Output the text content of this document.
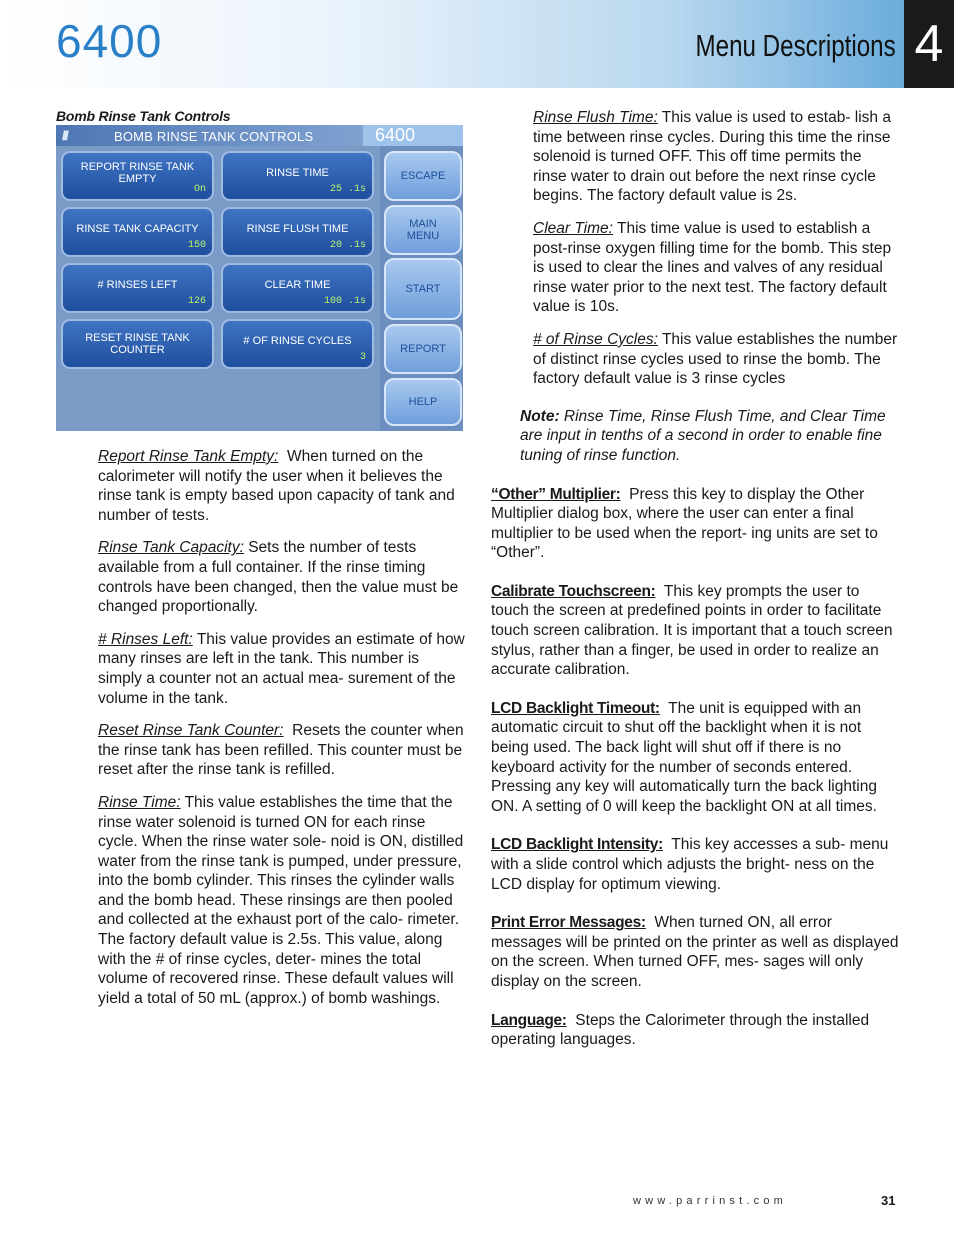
6400	Menu Descriptions 4
Bomb Rinse Tank Controls
///	BOMB RINSE TANK CONTROLS	6400
REPORT RINSE TANK
EMPTY
On
RINSE TIME
25 .1s
RINSE TANK CAPACITY
150
RINSE FLUSH TIME
20 .1s
# RINSES LEFT
126
CLEAR TIME
100 .1s
RESET RINSE TANK
COUNTER
# OF RINSE CYCLES
3
ESCAPE
MAIN
MENU
START
REPORT
HELP

Report Rinse Tank Empty: When turned on the calorimeter will notify the user when it believes the rinse tank is empty based upon capacity of tank and number of tests.

Rinse Tank Capacity: Sets the number of tests available from a full container. If the rinse timing controls have been changed, then the value must be changed proportionally.

# Rinses Left: This value provides an estimate of how many rinses are left in the tank. This number is simply a counter not an actual mea- surement of the volume in the tank.

Reset Rinse Tank Counter: Resets the counter when the rinse tank has been refilled. This counter must be reset after the rinse tank is refilled.

Rinse Time: This value establishes the time that the rinse water solenoid is turned ON for each rinse cycle. When the rinse water sole- noid is ON, distilled water from the rinse tank is pumped, under pressure, into the bomb cylinder. This rinses the cylinder walls and the bomb head. These rinsings are then pooled and collected at the exhaust port of the calo- rimeter. The factory default value is 2.5s. This value, along with the # of rinse cycles, deter- mines the total volume of recovered rinse. These default values will yield a total of 50 mL (approx.) of bomb washings.

Rinse Flush Time: This value is used to estab- lish a time between rinse cycles. During this time the rinse solenoid is turned OFF. This off time permits the rinse water to drain out before the next rinse cycle begins. The factory default value is 2s.

Clear Time: This time value is used to establish a post-rinse oxygen filling time for the bomb. This step is used to clear the lines and valves of any residual rinse water prior to the next test. The factory default value is 10s.

# of Rinse Cycles: This value establishes the number of distinct rinse cycles used to rinse the bomb. The factory default value is 3 rinse cycles

Note: Rinse Time, Rinse Flush Time, and Clear Time are input in tenths of a second in order to enable fine tuning of rinse function.

“Other” Multiplier: Press this key to display the Other Multiplier dialog box, where the user can enter a final multiplier to be used when the report- ing units are set to “Other”.

Calibrate Touchscreen: This key prompts the user to touch the screen at predefined points in order to facilitate touch screen calibration. It is important that a touch screen stylus, rather than a finger, be used in order to realize an accurate calibration.

LCD Backlight Timeout: The unit is equipped with an automatic circuit to shut off the backlight when it is not being used. The back light will shut off if there is no keyboard activity for the number of seconds entered. Pressing any key will automatically turn the back lighting ON. A setting of 0 will keep the backlight ON at all times.

LCD Backlight Intensity: This key accesses a sub- menu with a slide control which adjusts the bright- ness on the LCD display for optimum viewing.

Print Error Messages: When turned ON, all error messages will be printed on the printer as well as displayed on the screen. When turned OFF, mes- sages will only display on the screen.

Language: Steps the Calorimeter through the installed operating languages.

www.parrinst.com	31
